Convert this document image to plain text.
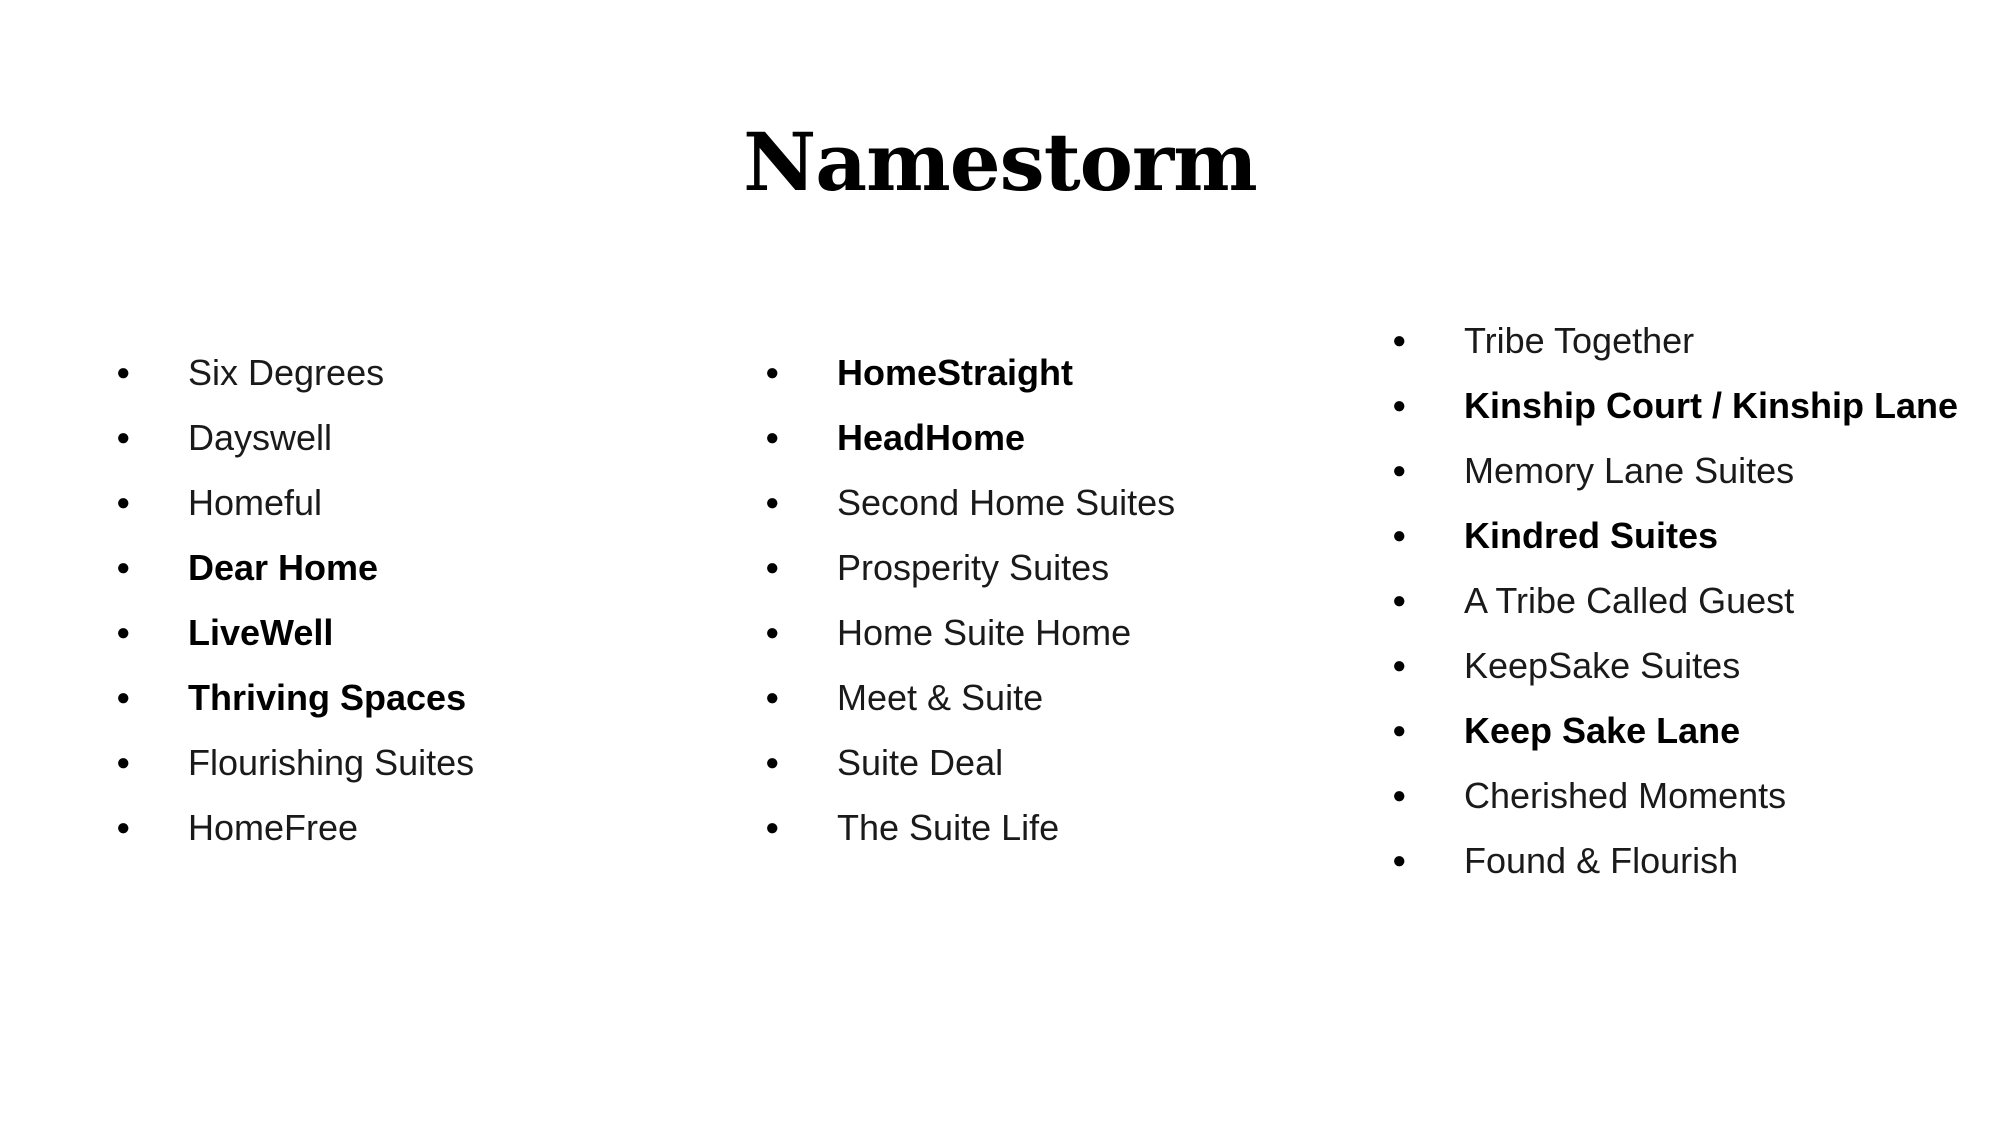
Namestorm
●	Six Degrees
●	Dayswell
●	Homeful
●	Dear Home
●	LiveWell
●	Thriving Spaces
●	Flourishing Suites
●	HomeFree
●	HomeStraight
●	HeadHome
●	Second Home Suites
●	Prosperity Suites
●	Home Suite Home
●	Meet & Suite
●	Suite Deal
●	The Suite Life
●	Tribe Together
●	Kinship Court / Kinship Lane
●	Memory Lane Suites
●	Kindred Suites
●	A Tribe Called Guest
●	KeepSake Suites
●	Keep Sake Lane
●	Cherished Moments
●	Found & Flourish
